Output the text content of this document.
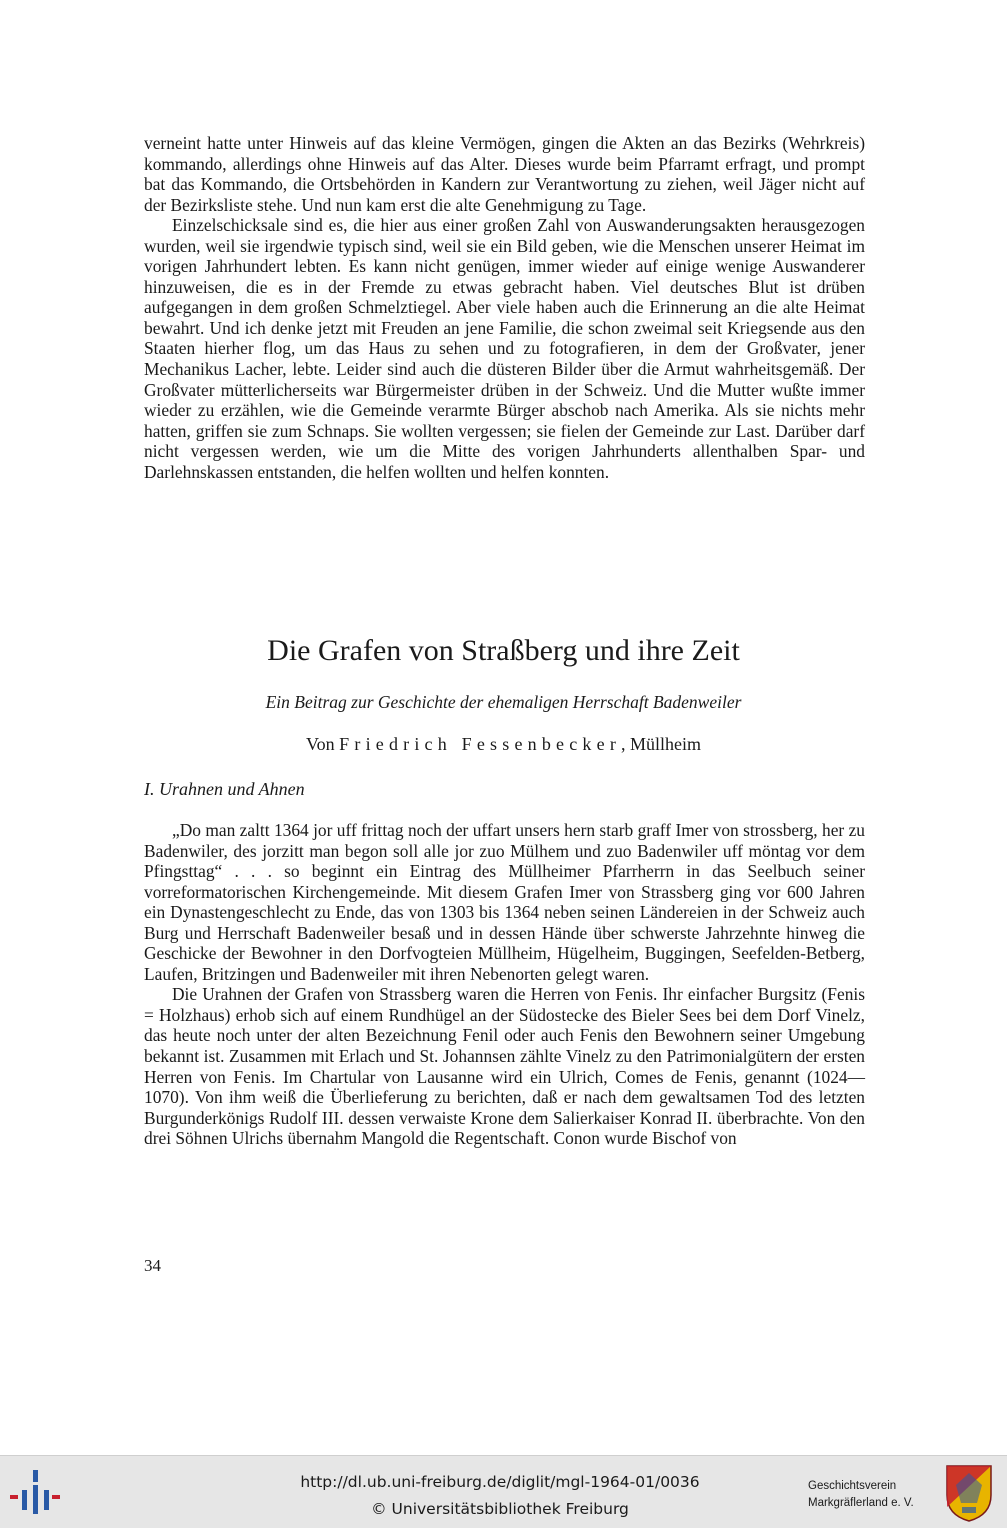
verneint hatte unter Hinweis auf das kleine Vermögen, gingen die Akten an das Bezirks (Wehrkreis) kommando, allerdings ohne Hinweis auf das Alter. Dieses wurde beim Pfarramt erfragt, und prompt bat das Kommando, die Ortsbehörden in Kandern zur Verantwortung zu ziehen, weil Jäger nicht auf der Bezirksliste stehe. Und nun kam erst die alte Genehmigung zu Tage.

Einzelschicksale sind es, die hier aus einer großen Zahl von Auswanderungsakten herausgezogen wurden, weil sie irgendwie typisch sind, weil sie ein Bild geben, wie die Menschen unserer Heimat im vorigen Jahrhundert lebten. Es kann nicht genügen, immer wieder auf einige wenige Auswanderer hinzuweisen, die es in der Fremde zu etwas gebracht haben. Viel deutsches Blut ist drüben aufgegangen in dem großen Schmelztiegel. Aber viele haben auch die Erinnerung an die alte Heimat bewahrt. Und ich denke jetzt mit Freuden an jene Familie, die schon zweimal seit Kriegsende aus den Staaten hierher flog, um das Haus zu sehen und zu fotografieren, in dem der Großvater, jener Mechanikus Lacher, lebte. Leider sind auch die düsteren Bilder über die Armut wahrheitsgemäß. Der Großvater mütterlicherseits war Bürgermeister drüben in der Schweiz. Und die Mutter wußte immer wieder zu erzählen, wie die Gemeinde verarmte Bürger abschob nach Amerika. Als sie nichts mehr hatten, griffen sie zum Schnaps. Sie wollten vergessen; sie fielen der Gemeinde zur Last. Darüber darf nicht vergessen werden, wie um die Mitte des vorigen Jahrhunderts allenthalben Spar- und Darlehnskassen entstanden, die helfen wollten und helfen konnten.

Die Grafen von Straßberg und ihre Zeit
Ein Beitrag zur Geschichte der ehemaligen Herrschaft Badenweiler
Von Friedrich Fessenbecker, Müllheim
I. Urahnen und Ahnen

„Do man zaltt 1364 jor uff frittag noch der uffart unsers hern starb graff Imer von strossberg, her zu Badenwiler, des jorzitt man begon soll alle jor zuo Mülhem und zuo Badenwiler uff möntag vor dem Pfingsttag“ . . . so beginnt ein Eintrag des Müllheimer Pfarrherrn in das Seelbuch seiner vorreformatorischen Kirchengemeinde. Mit diesem Grafen Imer von Strassberg ging vor 600 Jahren ein Dynastengeschlecht zu Ende, das von 1303 bis 1364 neben seinen Ländereien in der Schweiz auch Burg und Herrschaft Badenweiler besaß und in dessen Hände über schwerste Jahrzehnte hinweg die Geschicke der Bewohner in den Dorfvogteien Müllheim, Hügelheim, Buggingen, Seefelden-Betberg, Laufen, Britzingen und Badenweiler mit ihren Nebenorten gelegt waren.

Die Urahnen der Grafen von Strassberg waren die Herren von Fenis. Ihr einfacher Burgsitz (Fenis = Holzhaus) erhob sich auf einem Rundhügel an der Südostecke des Bieler Sees bei dem Dorf Vinelz, das heute noch unter der alten Bezeichnung Fenil oder auch Fenis den Bewohnern seiner Umgebung bekannt ist. Zusammen mit Erlach und St. Johannsen zählte Vinelz zu den Patrimonialgütern der ersten Herren von Fenis. Im Chartular von Lausanne wird ein Ulrich, Comes de Fenis, genannt (1024—1070). Von ihm weiß die Überlieferung zu berichten, daß er nach dem gewaltsamen Tod des letzten Burgunderkönigs Rudolf III. dessen verwaiste Krone dem Salierkaiser Konrad II. überbrachte. Von den drei Söhnen Ulrichs übernahm Mangold die Regentschaft. Conon wurde Bischof von

34
http://dl.ub.uni-freiburg.de/diglit/mgl-1964-01/0036
© Universitätsbibliothek Freiburg
Geschichtsverein
Markgräflerland e. V.
